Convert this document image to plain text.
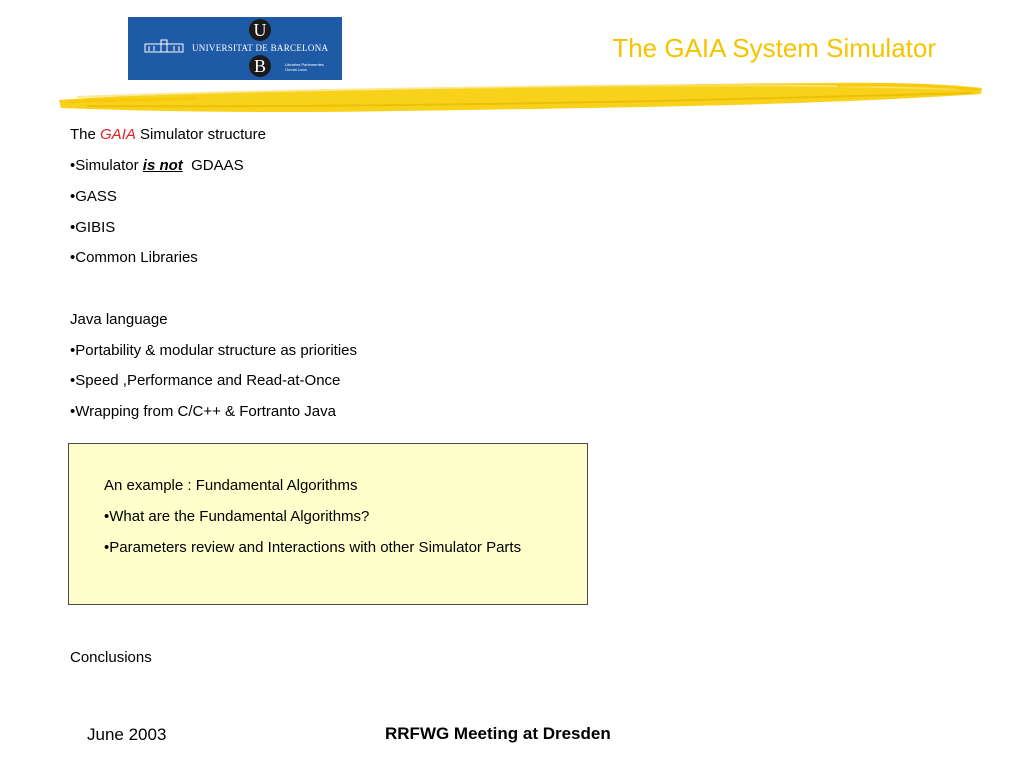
U
UNIVERSITAT DE BARCELONA
B	Libraries Parlementes
Omnia Loca
The GAIA System Simulator
The GAIA Simulator structure
•Simulator is not  GDAAS
•GASS
•GIBIS
•Common Libraries
Java language
•Portability & modular structure as priorities
•Speed ,Performance and Read-at-Once
•Wrapping from C/C++ & Fortranto Java
An example : Fundamental Algorithms
•What are the Fundamental Algorithms?
•Parameters review and Interactions with other Simulator Parts
Conclusions
June 2003	RRFWG Meeting at Dresden
